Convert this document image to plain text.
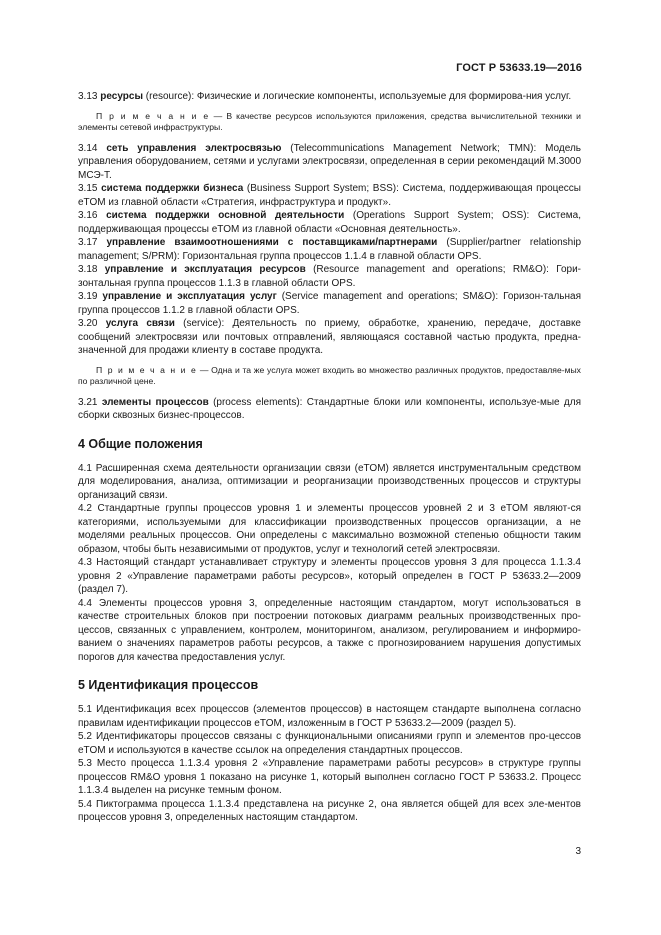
ГОСТ Р 53633.19—2016

3.13 ресурсы (resource): Физические и логические компоненты, используемые для формирова-ния услуг.

П р и м е ч а н и е — В качестве ресурсов используются приложения, средства вычислительной техники и элементы сетевой инфраструктуры.

3.14 сеть управления электросвязью (Telecommunications Management Network; TMN): Модель управления оборудованием, сетями и услугами электросвязи, определенная в серии рекомендаций М.3000 МСЭ-Т.

3.15 система поддержки бизнеса (Business Support System; BSS): Система, поддерживающая процессы eTOM из главной области «Стратегия, инфраструктура и продукт».

3.16 система поддержки основной деятельности (Operations Support System; OSS): Система, поддерживающая процессы eTOM из главной области «Основная деятельность».

3.17 управление взаимоотношениями с поставщиками/партнерами (Supplier/partner relationship management; S/PRM): Горизонтальная группа процессов 1.1.4 в главной области OPS.

3.18 управление и эксплуатация ресурсов (Resource management and operations; RM&O): Гори-зонтальная группа процессов 1.1.3 в главной области OPS.

3.19 управление и эксплуатация услуг (Service management and operations; SM&O): Горизон-тальная группа процессов 1.1.2 в главной области OPS.

3.20 услуга связи (service): Деятельность по приему, обработке, хранению, передаче, доставке сообщений электросвязи или почтовых отправлений, являющаяся составной частью продукта, предна-значенной для продажи клиенту в составе продукта.

П р и м е ч а н и е — Одна и та же услуга может входить во множество различных продуктов, предоставляе-мых по различной цене.

3.21 элементы процессов (process elements): Стандартные блоки или компоненты, используе-мые для сборки сквозных бизнес-процессов.

4 Общие положения

4.1 Расширенная схема деятельности организации связи (eTOM) является инструментальным средством для моделирования, анализа, оптимизации и реорганизации производственных процессов и структуры организаций связи.

4.2 Стандартные группы процессов уровня 1 и элементы процессов уровней 2 и 3 eTOM являют-ся категориями, используемыми для классификации производственных процессов организации, а не моделями реальных процессов. Они определены с максимально возможной степенью общности таким образом, чтобы быть независимыми от продуктов, услуг и технологий сетей электросвязи.

4.3 Настоящий стандарт устанавливает структуру и элементы процессов уровня 3 для процесса 1.1.3.4 уровня 2 «Управление параметрами работы ресурсов», который определен в ГОСТ Р 53633.2—2009 (раздел 7).

4.4 Элементы процессов уровня 3, определенные настоящим стандартом, могут использоваться в качестве строительных блоков при построении потоковых диаграмм реальных производственных про-цессов, связанных с управлением, контролем, мониторингом, анализом, регулированием и информиро-ванием о значениях параметров работы ресурсов, а также с прогнозированием нарушения допустимых порогов для качества предоставления услуг.

5 Идентификация процессов

5.1 Идентификация всех процессов (элементов процессов) в настоящем стандарте выполнена согласно правилам идентификации процессов eTOM, изложенным в ГОСТ Р 53633.2—2009 (раздел 5).

5.2 Идентификаторы процессов связаны с функциональными описаниями групп и элементов про-цессов eTOM и используются в качестве ссылок на определения стандартных процессов.

5.3 Место процесса 1.1.3.4 уровня 2 «Управление параметрами работы ресурсов» в структуре группы процессов RM&O уровня 1 показано на рисунке 1, который выполнен согласно ГОСТ Р 53633.2. Процесс 1.1.3.4 выделен на рисунке темным фоном.

5.4 Пиктограмма процесса 1.1.3.4 представлена на рисунке 2, она является общей для всех эле-ментов процессов уровня 3, определенных настоящим стандартом.

3
